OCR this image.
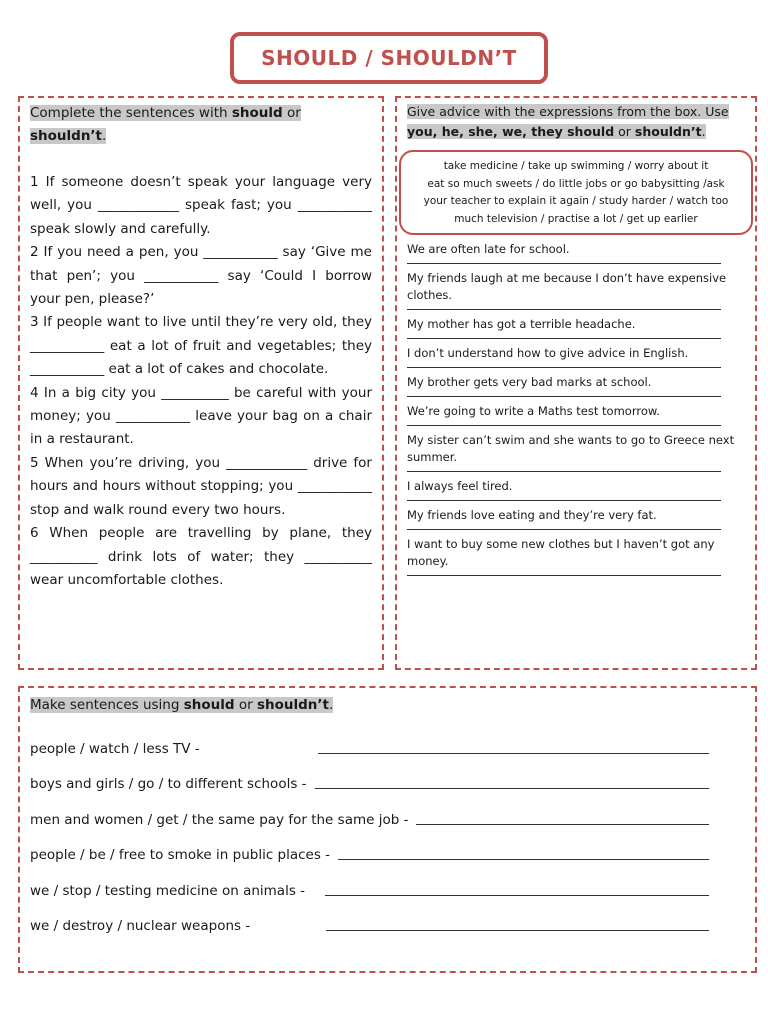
SHOULD / SHOULDN’T
Complete the sentences with should or
shouldn’t.

1 If someone doesn’t speak your language very well, you ____________ speak fast; you ___________ speak slowly and carefully.

2 If you need a pen, you ___________ say ‘Give me that pen’; you ___________ say ‘Could I borrow your pen, please?’

3 If people want to live until they’re very old, they ___________ eat a lot of fruit and vegetables; they ___________ eat a lot of cakes and chocolate.

4 In a big city you __________ be careful with your money; you ___________ leave your bag on a chair in a restaurant.

5 When you’re driving, you ____________ drive for hours and hours without stopping; you ___________ stop and walk round every two hours.

6 When people are travelling by plane, they __________ drink lots of water; they __________ wear uncomfortable clothes.

Give advice with the expressions from the box. Use
you, he, she, we, they should or shouldn’t.
take medicine / take up swimming / worry about it
eat so much sweets / do little jobs or go babysitting /ask
your teacher to explain it again / study harder / watch too
much television / practise a lot / get up earlier

We are often late for school.

My friends laugh at me because I don’t have expensive clothes.

My mother has got a terrible headache.

I don’t understand how to give advice in English.

My brother gets very bad marks at school.

We’re going to write a Maths test tomorrow.

My sister can’t swim and she wants to go to Greece next summer.

I always feel tired.

My friends love eating and they’re very fat.

I want to buy some new clothes but I haven’t got any money.

Make sentences using should or shouldn’t.
people / watch / less TV -
boys and girls / go / to different schools -
men and women / get / the same pay for the same job -
people / be / free to smoke in public places -
we / stop / testing medicine on animals -
we / destroy / nuclear weapons -
